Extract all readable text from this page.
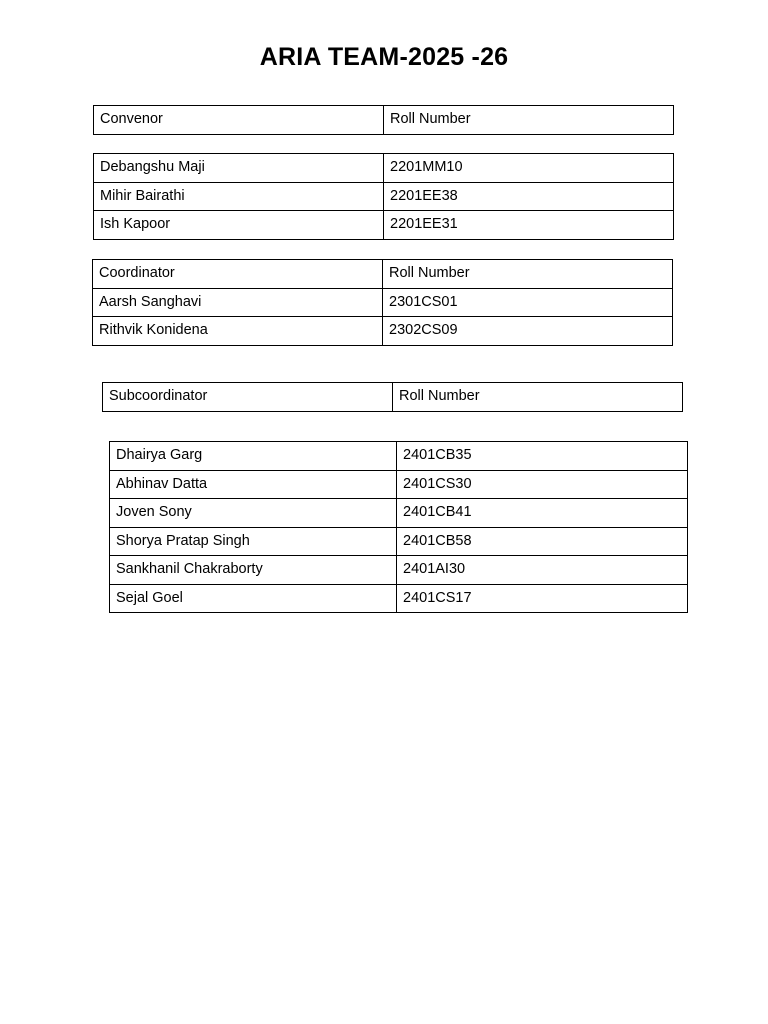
ARIA TEAM-2025 -26
Convenor	Roll Number
Debangshu Maji	2201MM10
Mihir Bairathi	2201EE38
Ish Kapoor	2201EE31
Coordinator	Roll Number
Aarsh Sanghavi	2301CS01
Rithvik Konidena	2302CS09
Subcoordinator	Roll Number
Dhairya Garg	2401CB35
Abhinav Datta	2401CS30
Joven Sony	2401CB41
Shorya Pratap Singh	2401CB58
Sankhanil Chakraborty	2401AI30
Sejal Goel	2401CS17
